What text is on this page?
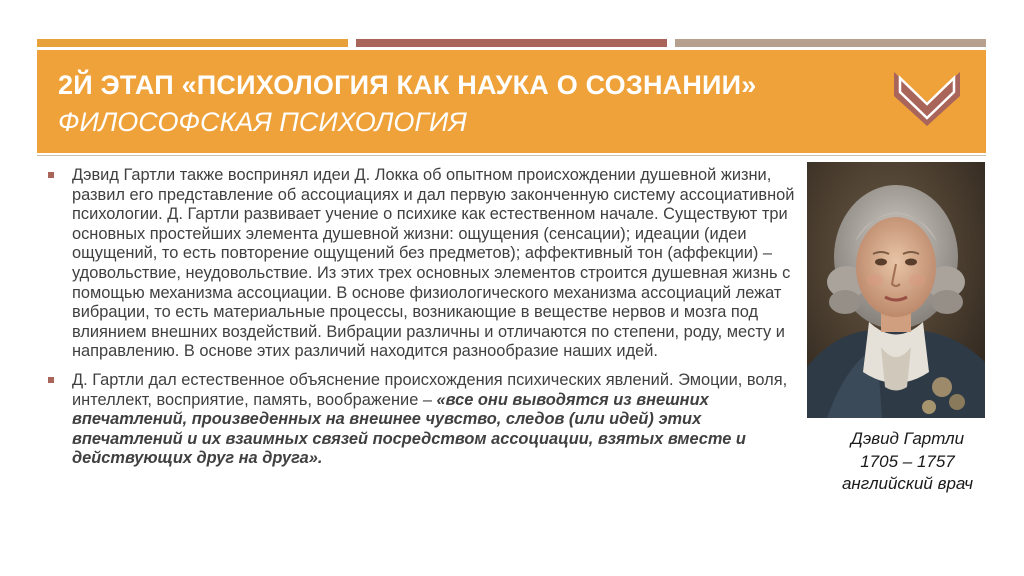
2Й ЭТАП «ПСИХОЛОГИЯ КАК НАУКА О СОЗНАНИИ»
ФИЛОСОФСКАЯ ПСИХОЛОГИЯ

Дэвид Гартли также воспринял идеи Д. Локка об опытном происхождении душевной жизни, развил его представление об ассоциациях и дал первую законченную систему ассоциативной психологии. Д. Гартли развивает учение о психике как естественном начале. Существуют три основных простейших элемента душевной жизни: ощущения (сенсации); идеации (идеи ощущений, то есть повторение ощущений без предметов); аффективный тон (аффекции) – удовольствие, неудовольствие. Из этих трех основных элементов строится душевная жизнь с помощью механизма ассоциации. В основе физиологического механизма ассоциаций лежат вибрации, то есть материальные процессы, возникающие в веществе нервов и мозга под влиянием внешних воздействий. Вибрации различны и отличаются по степени, роду, месту и направлению. В основе этих различий находится разнообразие наших идей.

Д. Гартли дал естественное объяснение происхождения психических явлений. Эмоции, воля, интеллект, восприятие, память, воображение – «все они выводятся из внешних впечатлений, произведенных на внешнее чувство, следов (или идей) этих впечатлений и их взаимных связей посредством ассоциации, взятых вместе и действующих друг на друга».

Дэвид Гартли
1705 – 1757
английский врач
